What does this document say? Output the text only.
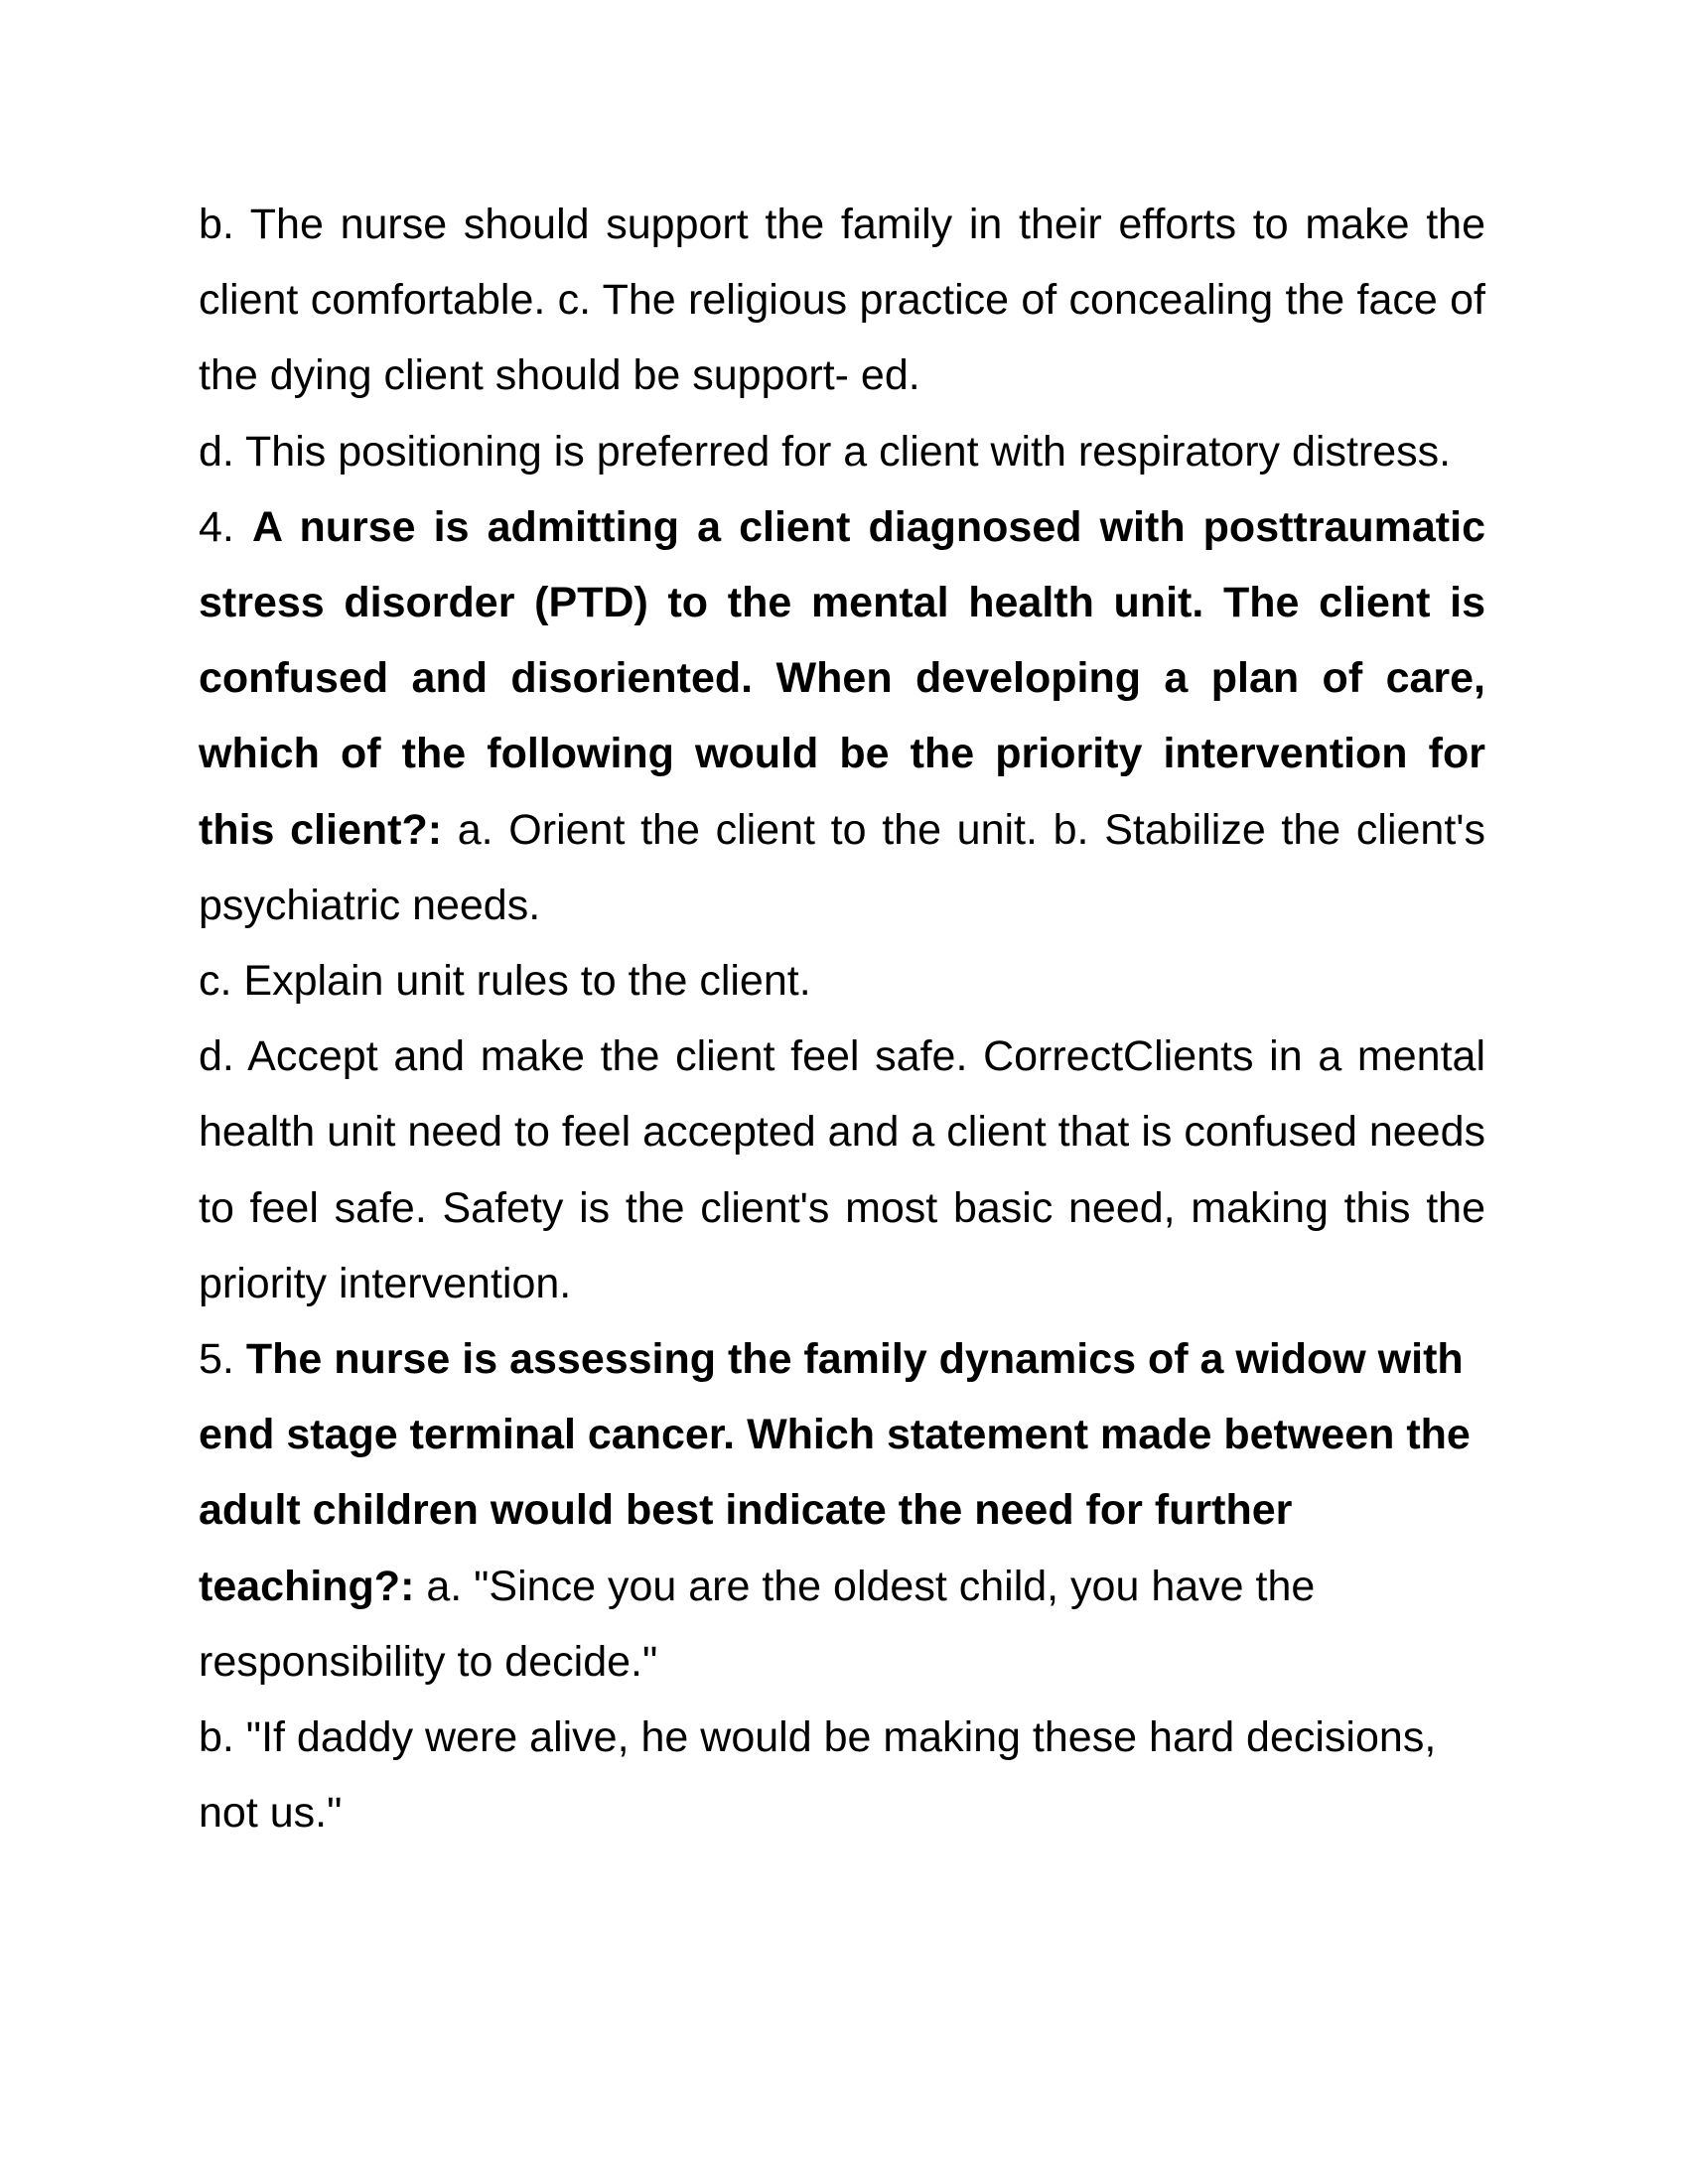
b. The nurse should support the family in their efforts to make the client comfortable. c. The religious practice of concealing the face of the dying client should be support- ed.

d. This positioning is preferred for a client with respiratory distress.

4. A nurse is admitting a client diagnosed with posttraumatic stress disorder (PTD) to the mental health unit. The client is confused and disoriented. When developing a plan of care, which of the following would be the priority intervention for this client?: a. Orient the client to the unit. b. Stabilize the client's psychiatric needs.

c. Explain unit rules to the client.

d. Accept and make the client feel safe. CorrectClients in a mental health unit need to feel accepted and a client that is confused needs to feel safe. Safety is the client's most basic need, making this the priority intervention.

5. The nurse is assessing the family dynamics of a widow with end stage terminal cancer. Which statement made between the adult children would best indicate the need for further teaching?: a. "Since you are the oldest child, you have the responsibility to decide."

b. "If daddy were alive, he would be making these hard decisions, not us."
